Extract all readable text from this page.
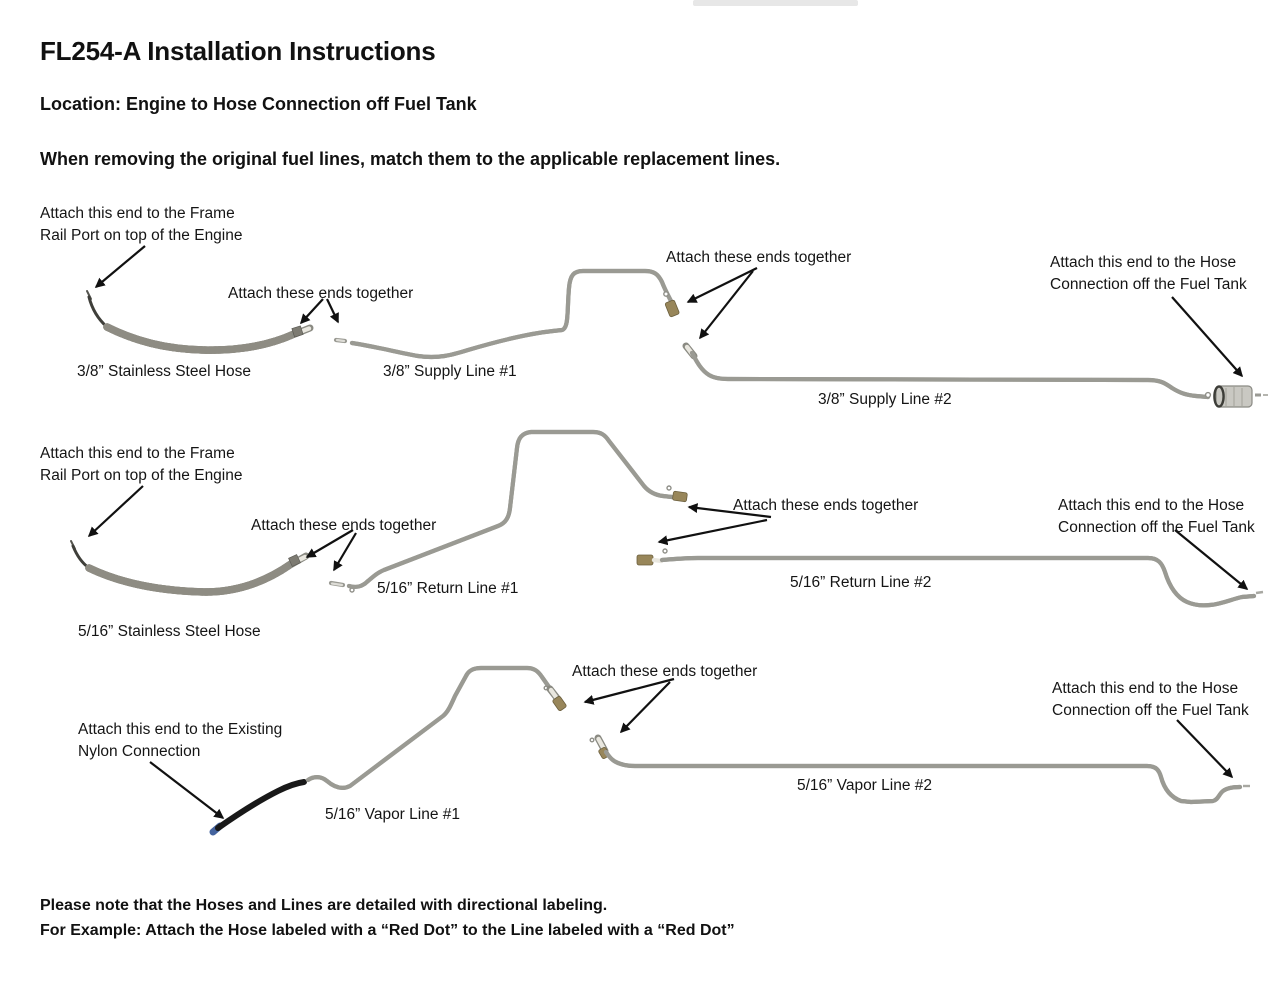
FL254-A Installation Instructions
Location: Engine to Hose Connection off Fuel Tank
When removing the original fuel lines, match them to the applicable replacement lines.
Attach this end to the Frame
Rail Port on top of the Engine
Attach these ends together
Attach these ends together	Attach this end to the Hose
Connection off the Fuel Tank
3/8” Stainless Steel Hose	3/8” Supply Line #1
3/8” Supply Line #2
Attach this end to the Frame
Rail Port on top of the Engine
Attach these ends together
Attach these ends together	Attach this end to the Hose
Connection off the Fuel Tank
5/16” Stainless Steel Hose
5/16” Return Line #1	5/16” Return Line #2
Attach this end to the Existing
Nylon Connection
Attach these ends together
Attach this end to the Hose
Connection off the Fuel Tank
5/16” Vapor Line #1
5/16” Vapor Line #2
Please note that the Hoses and Lines are detailed with directional labeling.
For Example: Attach the Hose labeled with a “Red Dot” to the Line labeled with a “Red Dot”
